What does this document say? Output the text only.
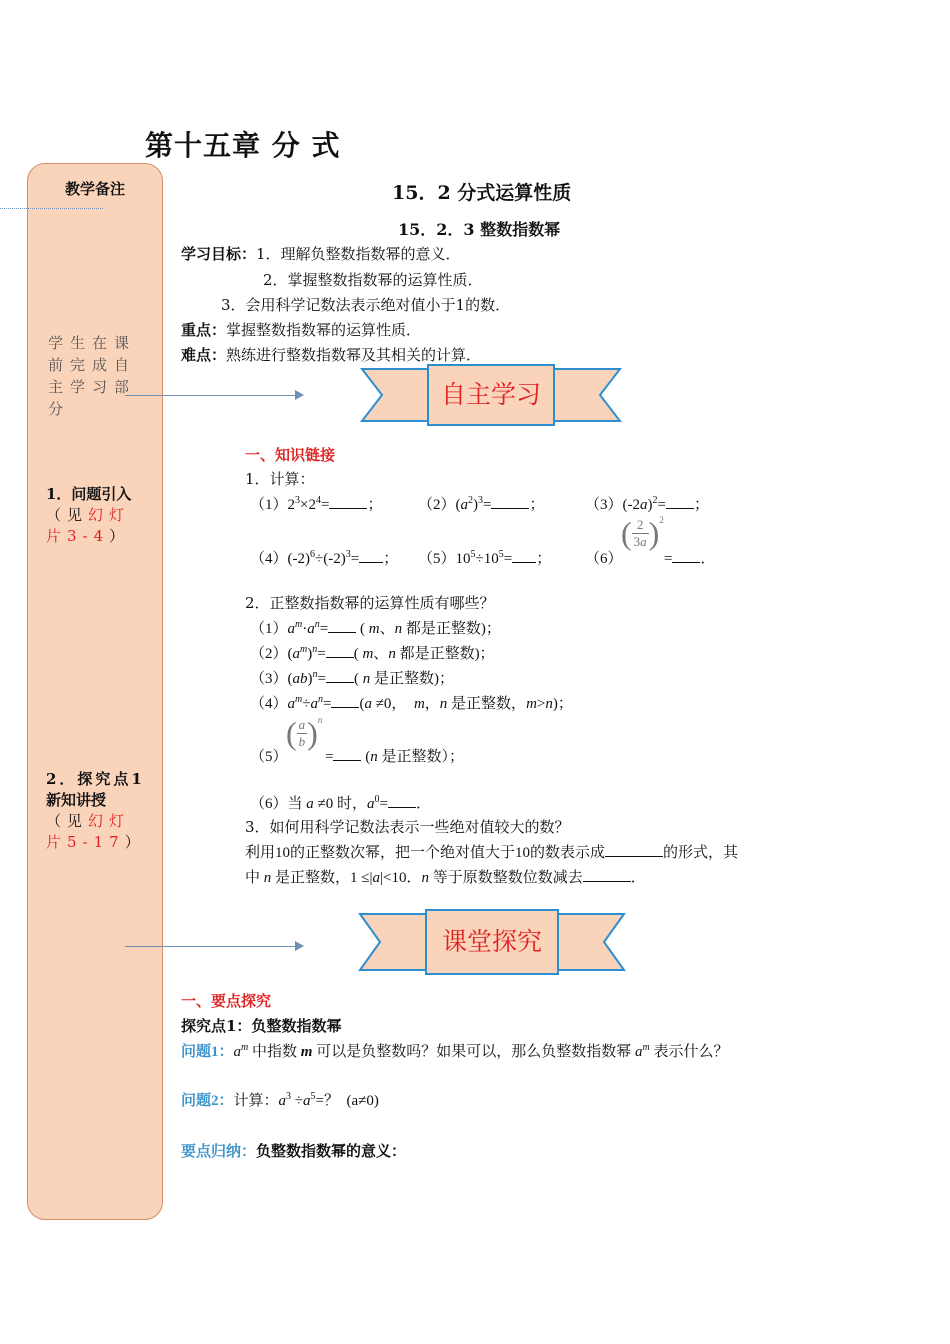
第十五章 分 式
教学备注
学生在课前完成自主学习部分
1．问题引入
（见幻灯片3-4）
2．探究点1
新知讲授
（见幻灯片5-17）
15．2 分式运算性质
15．2．3 整数指数幂
学习目标：1．理解负整数指数幂的意义．
2．掌握整数指数幂的运算性质．
3．会用科学记数法表示绝对值小于1的数．
重点：掌握整数指数幂的运算性质．
难点：熟练进行整数指数幂及其相关的计算．
自主学习
一、知识链接
1．计算：
$(1)2^3\times 2^4=$	； $(2)(a^2)^3=$	；	$(3)(-2a)^2=$ ；
$(4)(-2)^6\div(-2)^3=$ ； $(5)10^5\div 10^5=$ ； （6）
( 2
3a)$^2$
= ．
2．正整数指数幂的运算性质有哪些？
$(1)a^m\cdot a^n=$ ( m、n 都是正整数)；
$(2)(a^m)^n=$ ( m、n 都是正整数)；
（3）(ab)$^n$= ( n 是正整数)；
$(4)a^m\div a^n= (a \ne 0$，  m，n 是正整数，m>n)；
（5）
$(\frac{a}{b})^n$
= (n 是正整数）；
（6）当 a ≠0 时，$a^0=$ ．
3．如何用科学记数法表示一些绝对值较大的数？
利用10的正整数次幂，把一个绝对值大于10的数表示成	的形式，其
中 n 是正整数，1 ≤|a|<10．n 等于原数整数位数减去	．
课堂探究
一、要点探究
探究点1：负整数指数幂
问题1：$a^m$ 中指数 m 可以是负整数吗？如果可以，那么负整数指数幂 $a^m$ 表示什么？
问题2：计算：$a^3 \div a^5=$？  (a≠0)
要点归纳：负整数指数幂的意义：
